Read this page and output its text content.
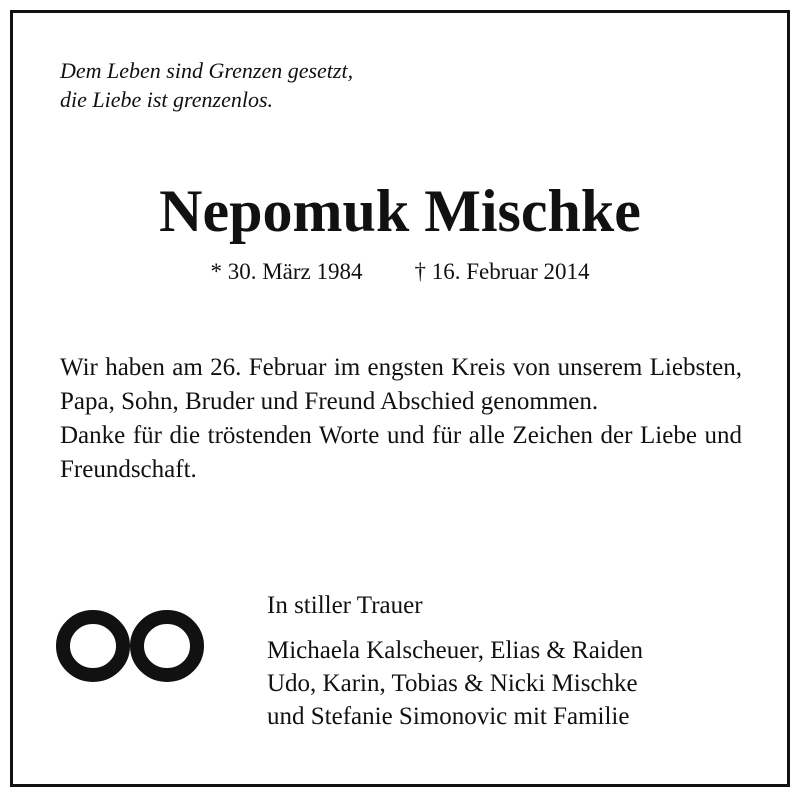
Dem Leben sind Grenzen gesetzt,
die Liebe ist grenzenlos.
Nepomuk Mischke
* 30. März 1984 † 16. Februar 2014

Wir haben am 26. Februar im engsten Kreis von unserem Liebsten, Papa, Sohn, Bruder und Freund Abschied genommen.

Danke für die tröstenden Worte und für alle Zeichen der Liebe und Freundschaft.

In stiller Trauer
Michaela Kalscheuer, Elias & Raiden
Udo, Karin, Tobias & Nicki Mischke
und Stefanie Simonovic mit Familie
